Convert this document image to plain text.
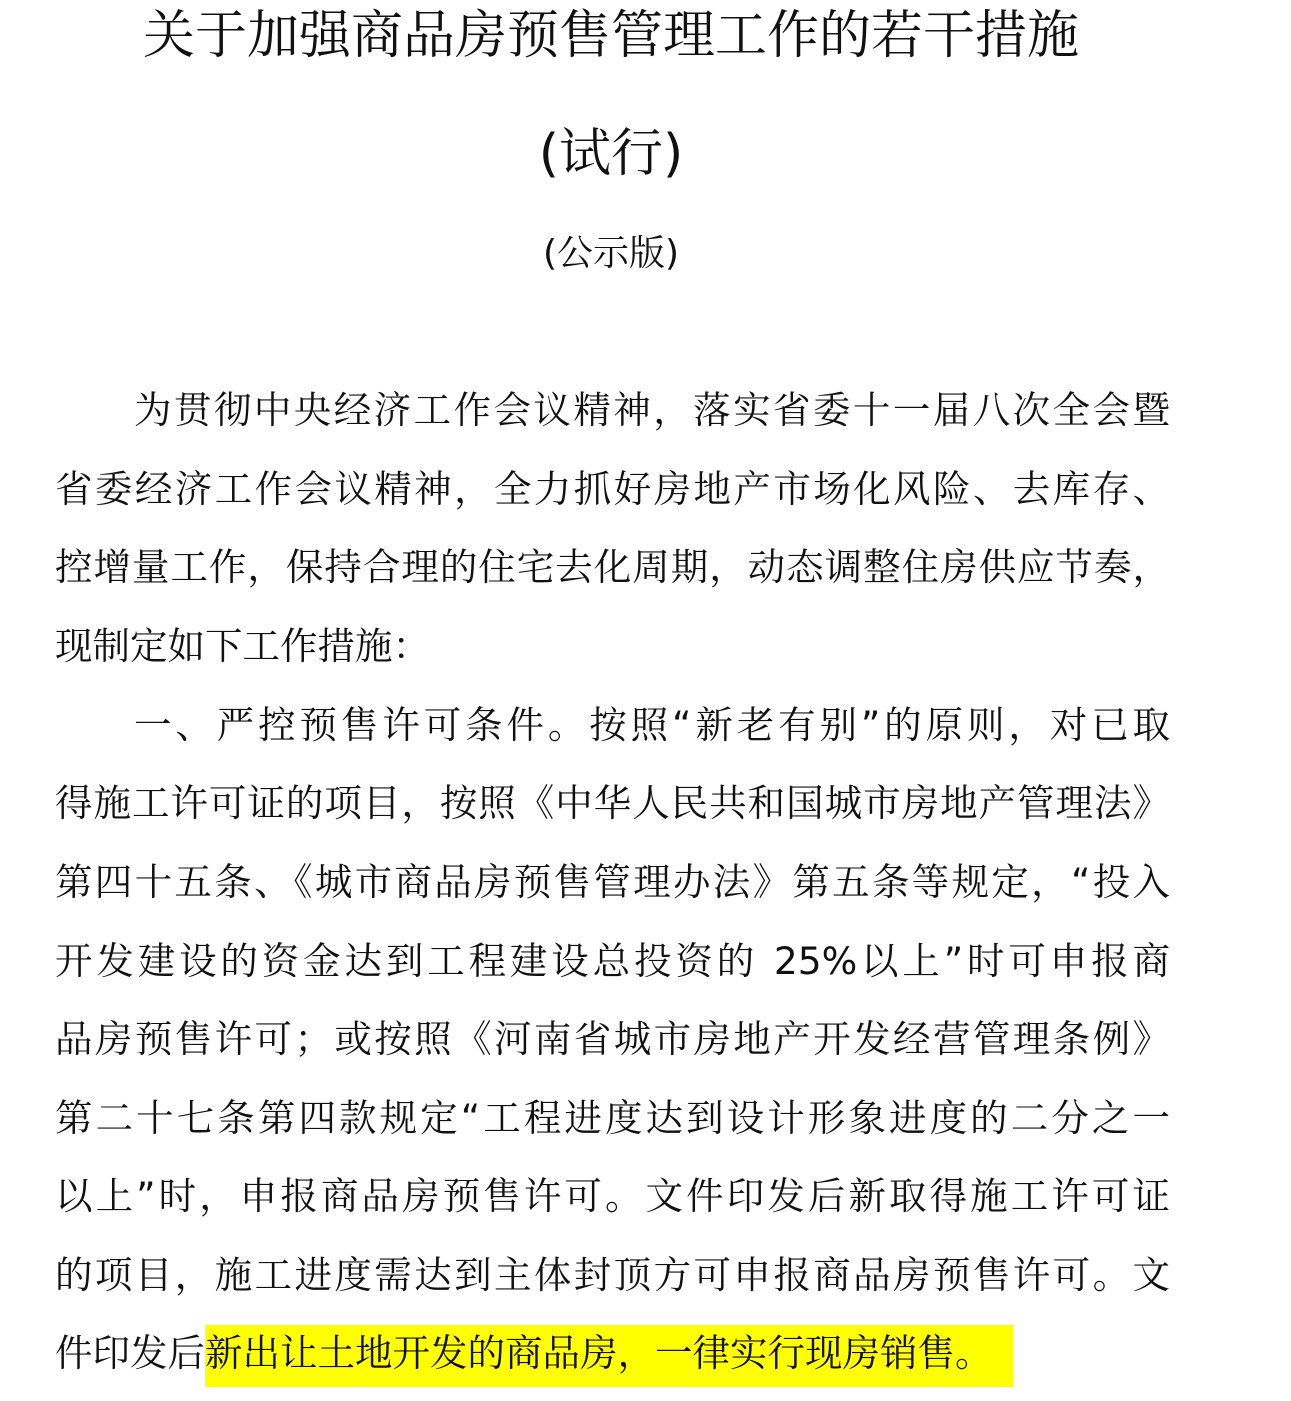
关于加强商品房预售管理工作的若干措施
(试行)
(公示版)
为贯彻中央经济工作会议精神，落实省委十一届八次全会暨
省委经济工作会议精神，全力抓好房地产市场化风险、去库存、
控增量工作，保持合理的住宅去化周期，动态调整住房供应节奏，
现制定如下工作措施：
一、严控预售许可条件。按照“新老有别”的原则，对已取
得施工许可证的项目，按照《中华人民共和国城市房地产管理法》
第四十五条、《城市商品房预售管理办法》第五条等规定，“投入
开发建设的资金达到工程建设总投资的 25%以上”时可申报商
品房预售许可；或按照《河南省城市房地产开发经营管理条例》
第二十七条第四款规定“工程进度达到设计形象进度的二分之一
以上”时，申报商品房预售许可。文件印发后新取得施工许可证
的项目，施工进度需达到主体封顶方可申报商品房预售许可。文
件印发后新出让土地开发的商品房，一律实行现房销售。
